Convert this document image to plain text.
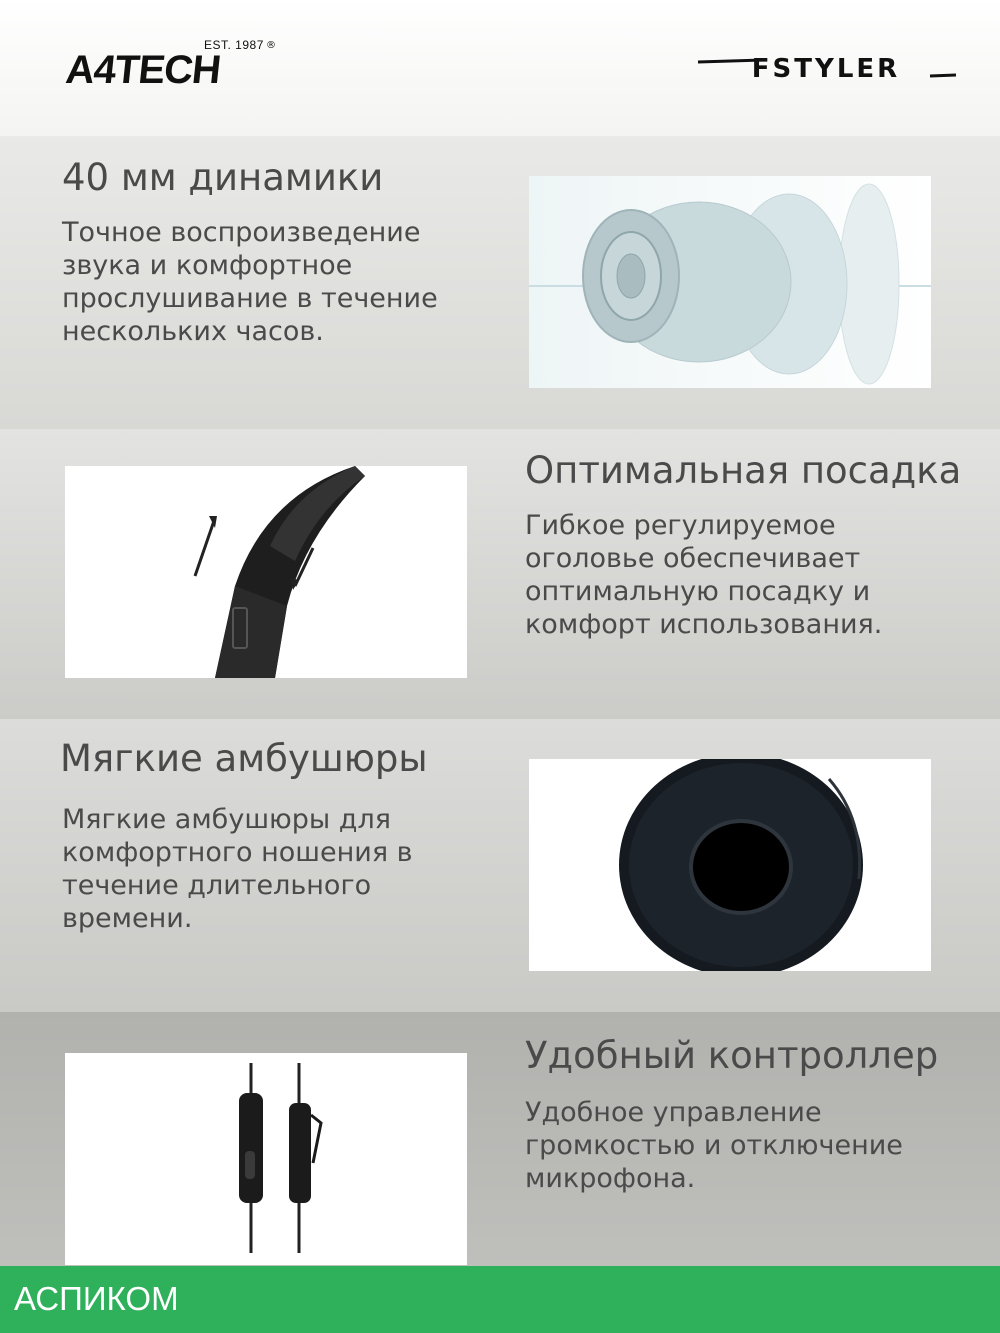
EST. 1987
A4TECH
®
FSTYLER
40 мм динамики
Точное воспроизведение звука и комфортное прослушивание в течение нескольких часов.
Оптимальная посадка
Гибкое регулируемое оголовье обеспечивает оптимальную посадку и комфорт использования.
Мягкие амбушюры
Мягкие амбушюры для комфортного ношения в течение длительного времени.
Удобный контроллер
Удобное управление громкостью и отключение микрофона.
АСПИКОМ
